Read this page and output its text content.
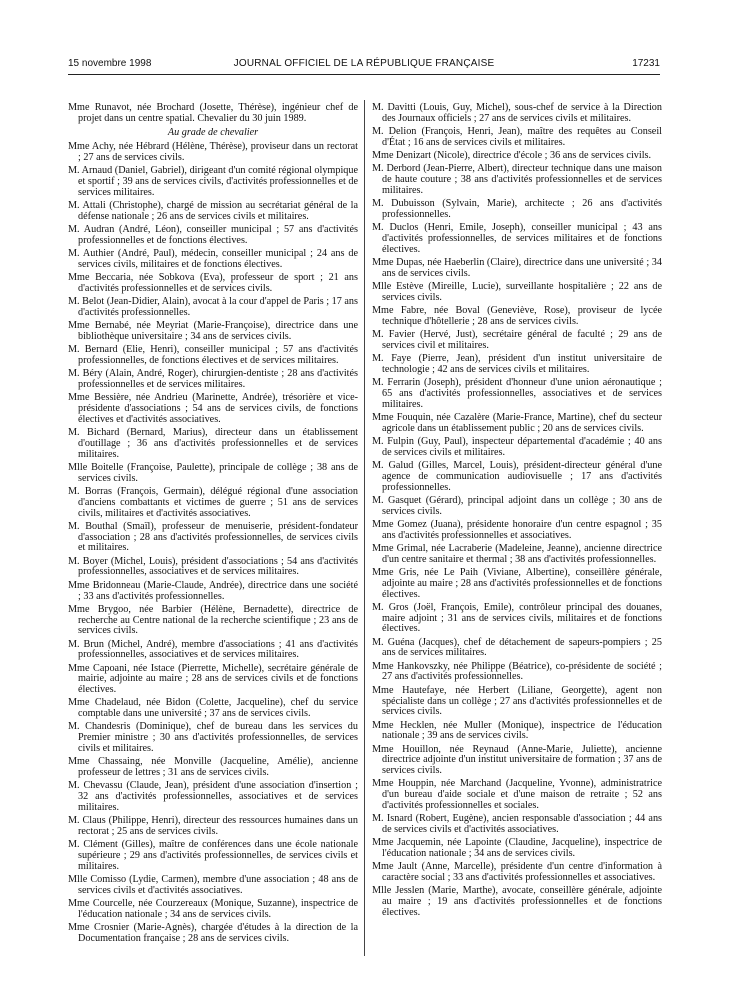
15 novembre 1998	JOURNAL OFFICIEL DE LA RÉPUBLIQUE FRANÇAISE	17231

Mme Runavot, née Brochard (Josette, Thérèse), ingénieur chef de projet dans un centre spatial. Chevalier du 30 juin 1989.

Au grade de chevalier

Mme Achy, née Hébrard (Hélène, Thérèse), proviseur dans un rectorat ; 27 ans de services civils.

M. Arnaud (Daniel, Gabriel), dirigeant d'un comité régional olympique et sportif ; 39 ans de services civils, d'activités professionnelles et de services militaires.

M. Attali (Christophe), chargé de mission au secrétariat général de la défense nationale ; 26 ans de services civils et militaires.

M. Audran (André, Léon), conseiller municipal ; 57 ans d'activités professionnelles et de fonctions électives.

M. Authier (André, Paul), médecin, conseiller municipal ; 24 ans de services civils, militaires et de fonctions électives.

Mme Beccaria, née Sobkova (Eva), professeur de sport ; 21 ans d'activités professionnelles et de services civils.

M. Belot (Jean-Didier, Alain), avocat à la cour d'appel de Paris ; 17 ans d'activités professionnelles.

Mme Bernabé, née Meyriat (Marie-Françoise), directrice dans une bibliothèque universitaire ; 34 ans de services civils.

M. Bernard (Elie, Henri), conseiller municipal ; 57 ans d'activités professionnelles, de fonctions électives et de services militaires.

M. Béry (Alain, André, Roger), chirurgien-dentiste ; 28 ans d'activités professionnelles et de services militaires.

Mme Bessière, née Andrieu (Marinette, Andrée), trésorière et vice-présidente d'associations ; 54 ans de services civils, de fonctions électives et d'activités associatives.

M. Bichard (Bernard, Marius), directeur dans un établissement d'outillage ; 36 ans d'activités professionnelles et de services militaires.

Mlle Boitelle (Françoise, Paulette), principale de collège ; 38 ans de services civils.

M. Borras (François, Germain), délégué régional d'une association d'anciens combattants et victimes de guerre ; 51 ans de services civils, militaires et d'activités associatives.

M. Bouthal (Smaïl), professeur de menuiserie, président-fondateur d'association ; 28 ans d'activités professionnelles, de services civils et militaires.

M. Boyer (Michel, Louis), président d'associations ; 54 ans d'activités professionnelles, associatives et de services militaires.

Mme Bridonneau (Marie-Claude, Andrée), directrice dans une société ; 33 ans d'activités professionnelles.

Mme Brygoo, née Barbier (Hélène, Bernadette), directrice de recherche au Centre national de la recherche scientifique ; 23 ans de services civils.

M. Brun (Michel, André), membre d'associations ; 41 ans d'activités professionnelles, associatives et de services militaires.

Mme Capoani, née Istace (Pierrette, Michelle), secrétaire générale de mairie, adjointe au maire ; 28 ans de services civils et de fonctions électives.

Mme Chadelaud, née Bidon (Colette, Jacqueline), chef du service comptable dans une université ; 37 ans de services civils.

M. Chandesris (Dominique), chef de bureau dans les services du Premier ministre ; 30 ans d'activités professionnelles, de services civils et militaires.

Mme Chassaing, née Monville (Jacqueline, Amélie), ancienne professeur de lettres ; 31 ans de services civils.

M. Chevassu (Claude, Jean), président d'une association d'insertion ; 32 ans d'activités professionnelles, associatives et de services militaires.

M. Claus (Philippe, Henri), directeur des ressources humaines dans un rectorat ; 25 ans de services civils.

M. Clément (Gilles), maître de conférences dans une école nationale supérieure ; 29 ans d'activités professionnelles, de services civils et militaires.

Mlle Comisso (Lydie, Carmen), membre d'une association ; 48 ans de services civils et d'activités associatives.

Mme Courcelle, née Courzereaux (Monique, Suzanne), inspectrice de l'éducation nationale ; 34 ans de services civils.

Mme Crosnier (Marie-Agnès), chargée d'études à la direction de la Documentation française ; 28 ans de services civils.

M. Davitti (Louis, Guy, Michel), sous-chef de service à la Direction des Journaux officiels ; 27 ans de services civils et militaires.

M. Delion (François, Henri, Jean), maître des requêtes au Conseil d'État ; 16 ans de services civils et militaires.

Mme Denizart (Nicole), directrice d'école ; 36 ans de services civils.

M. Derbord (Jean-Pierre, Albert), directeur technique dans une maison de haute couture ; 38 ans d'activités professionnelles et de services militaires.

M. Dubuisson (Sylvain, Marie), architecte ; 26 ans d'activités professionnelles.

M. Duclos (Henri, Emile, Joseph), conseiller municipal ; 43 ans d'activités professionnelles, de services militaires et de fonctions électives.

Mme Dupas, née Haeberlin (Claire), directrice dans une université ; 34 ans de services civils.

Mlle Estève (Mireille, Lucie), surveillante hospitalière ; 22 ans de services civils.

Mme Fabre, née Boval (Geneviève, Rose), proviseur de lycée technique d'hôtellerie ; 28 ans de services civils.

M. Favier (Hervé, Just), secrétaire général de faculté ; 29 ans de services civil et militaires.

M. Faye (Pierre, Jean), président d'un institut universitaire de technologie ; 42 ans de services civils et militaires.

M. Ferrarin (Joseph), président d'honneur d'une union aéronautique ; 65 ans d'activités professionnelles, associatives et de services militaires.

Mme Fouquin, née Cazalère (Marie-France, Martine), chef du secteur agricole dans un établissement public ; 20 ans de services civils.

M. Fulpin (Guy, Paul), inspecteur départemental d'académie ; 40 ans de services civils et militaires.

M. Galud (Gilles, Marcel, Louis), président-directeur général d'une agence de communication audiovisuelle ; 17 ans d'activités professionnelles.

M. Gasquet (Gérard), principal adjoint dans un collège ; 30 ans de services civils.

Mme Gomez (Juana), présidente honoraire d'un centre espagnol ; 35 ans d'activités professionnelles et associatives.

Mme Grimal, née Lacraberie (Madeleine, Jeanne), ancienne directrice d'un centre sanitaire et thermal ; 38 ans d'activités professionnelles.

Mme Gris, née Le Paih (Viviane, Albertine), conseillère générale, adjointe au maire ; 28 ans d'activités professionnelles et de fonctions électives.

M. Gros (Joël, François, Emile), contrôleur principal des douanes, maire adjoint ; 31 ans de services civils, militaires et de fonctions électives.

M. Guéna (Jacques), chef de détachement de sapeurs-pompiers ; 25 ans de services militaires.

Mme Hankovszky, née Philippe (Béatrice), co-présidente de société ; 27 ans d'activités professionnelles.

Mme Hautefaye, née Herbert (Liliane, Georgette), agent non spécialiste dans un collège ; 27 ans d'activités professionnelles et de services civils.

Mme Hecklen, née Muller (Monique), inspectrice de l'éducation nationale ; 39 ans de services civils.

Mme Houillon, née Reynaud (Anne-Marie, Juliette), ancienne directrice adjointe d'un institut universitaire de formation ; 37 ans de services civils.

Mme Houppin, née Marchand (Jacqueline, Yvonne), administratrice d'un bureau d'aide sociale et d'une maison de retraite ; 52 ans d'activités professionnelles et sociales.

M. Isnard (Robert, Eugène), ancien responsable d'association ; 44 ans de services civils et d'activités associatives.

Mme Jacquemin, née Lapointe (Claudine, Jacqueline), inspectrice de l'éducation nationale ; 34 ans de services civils.

Mme Jault (Anne, Marcelle), présidente d'un centre d'information à caractère social ; 33 ans d'activités professionnelles et associatives.

Mlle Jesslen (Marie, Marthe), avocate, conseillère générale, adjointe au maire ; 19 ans d'activités professionnelles et de fonctions électives.
